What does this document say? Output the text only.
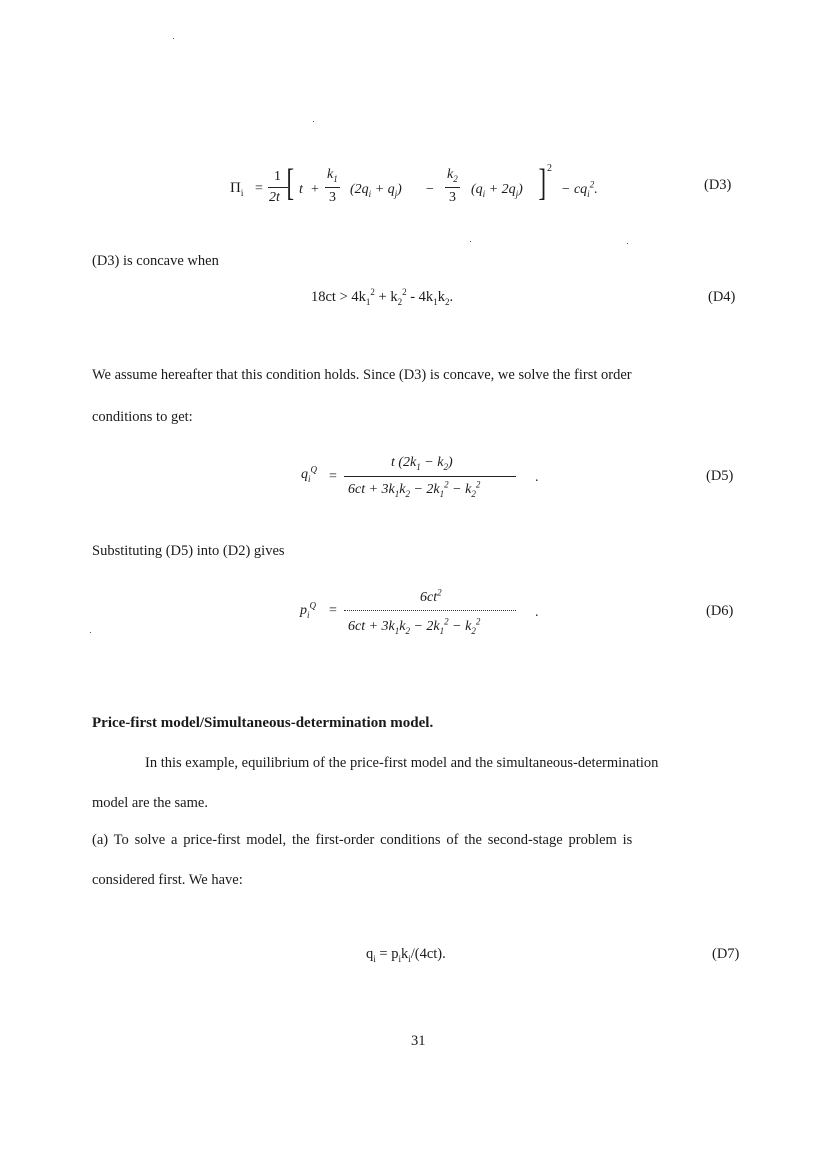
$\Pi_i$ =
1
2t [ t +
$k_1$
3
$(2q_i + q_j)$ −
$k_2$
3
$(q_i + 2q_j)$ ] 2
− $cq_i^2$.	(D3)
(D3) is concave when
$18ct > 4k_1^2 + k_2^2 - 4k_1k_2$.	(D4)
We assume hereafter that this condition holds. Since (D3) is concave, we solve the first order
conditions to get:
$q_i^Q$ =
t $(2k_1 - k_2)$
$6ct + 3k_1k_2 - 2k_1^2 - k_2^2$	.	(D5)
Substituting (D5) into (D2) gives
$p_i^Q$ =
$6ct^2$
$6ct + 3k_1k_2 - 2k_1^2 - k_2^2$
.	(D6)
Price-first model/Simultaneous-determination model.
In this example, equilibrium of the price-first model and the simultaneous-determination
model are the same.
(a) To solve a price-first model, the first-order conditions of the second-stage problem is
considered first. We have:
$q_i = p_ik_i/(4ct)$.	(D7)
31
